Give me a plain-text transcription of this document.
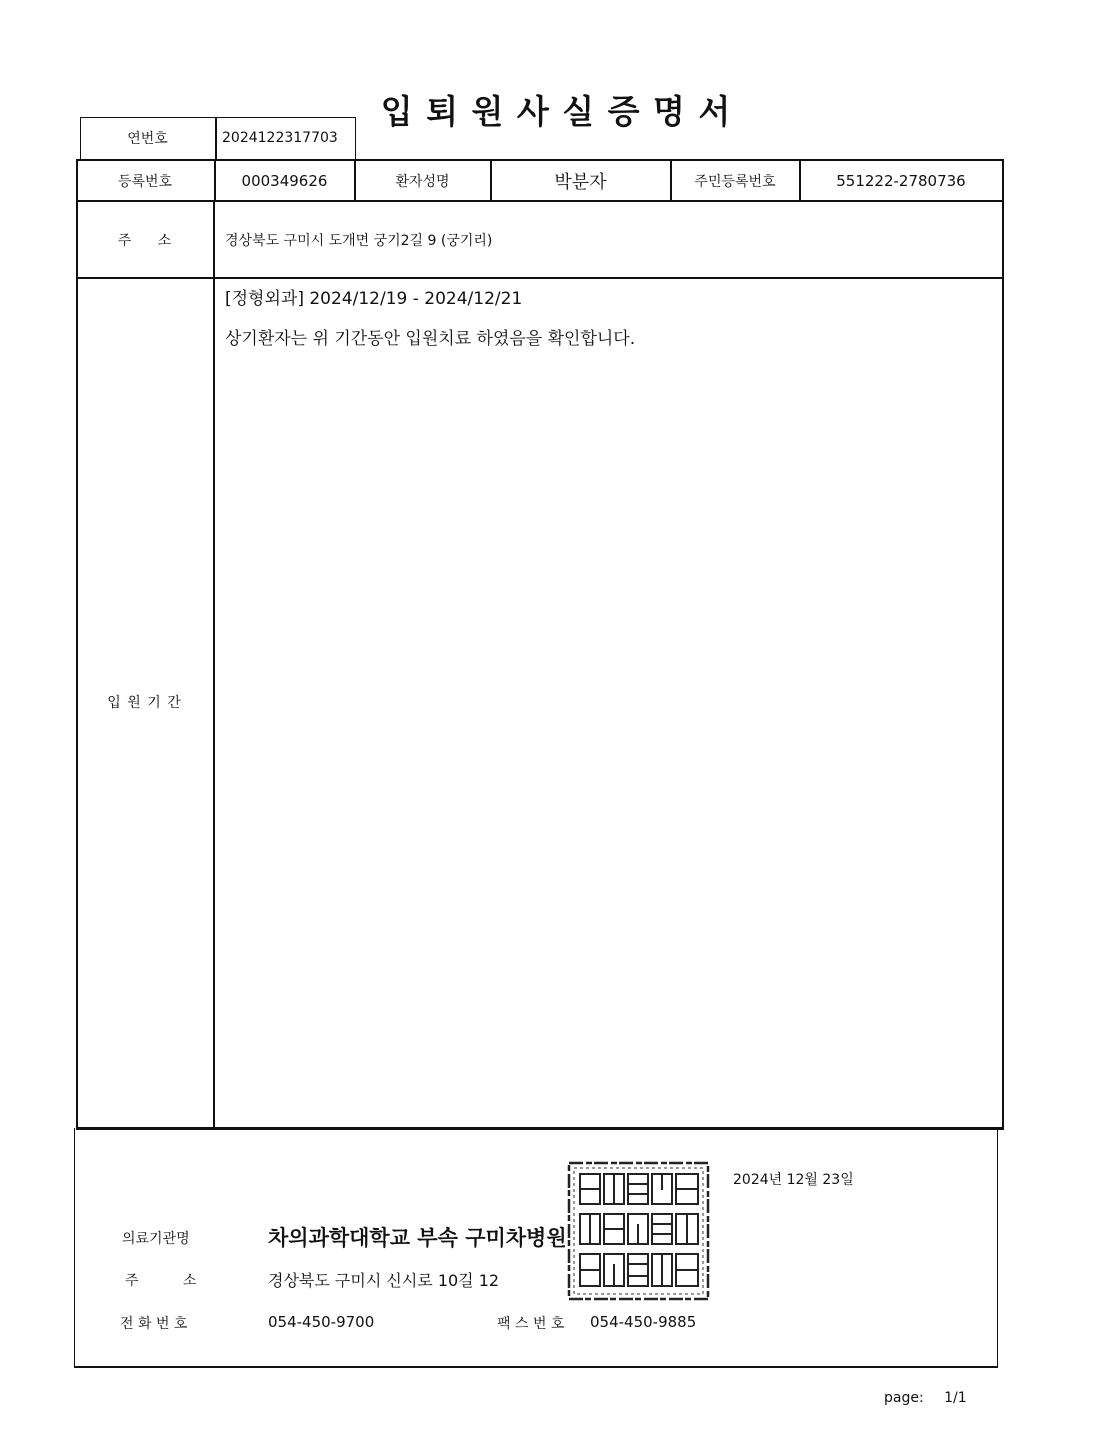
입 퇴 원 사 실 증 명 서
연번호	2024122317703
등록번호	000349626	환자성명	박분자	주민등록번호	551222-2780736
주 소	경상북도 구미시 도개면 궁기2길 9 (궁기리)
입 원 기 간
[정형외과] 2024/12/19 - 2024/12/21
상기환자는 위 기간동안 입원치료 하였음을 확인합니다.
2024년 12월 23일
의료기관명	차의과학대학교 부속 구미차병원
주 소	경상북도 구미시 신시로 10길 12
전 화 번 호	054-450-9700	팩 스 번 호 054-450-9885
page: 1/1
